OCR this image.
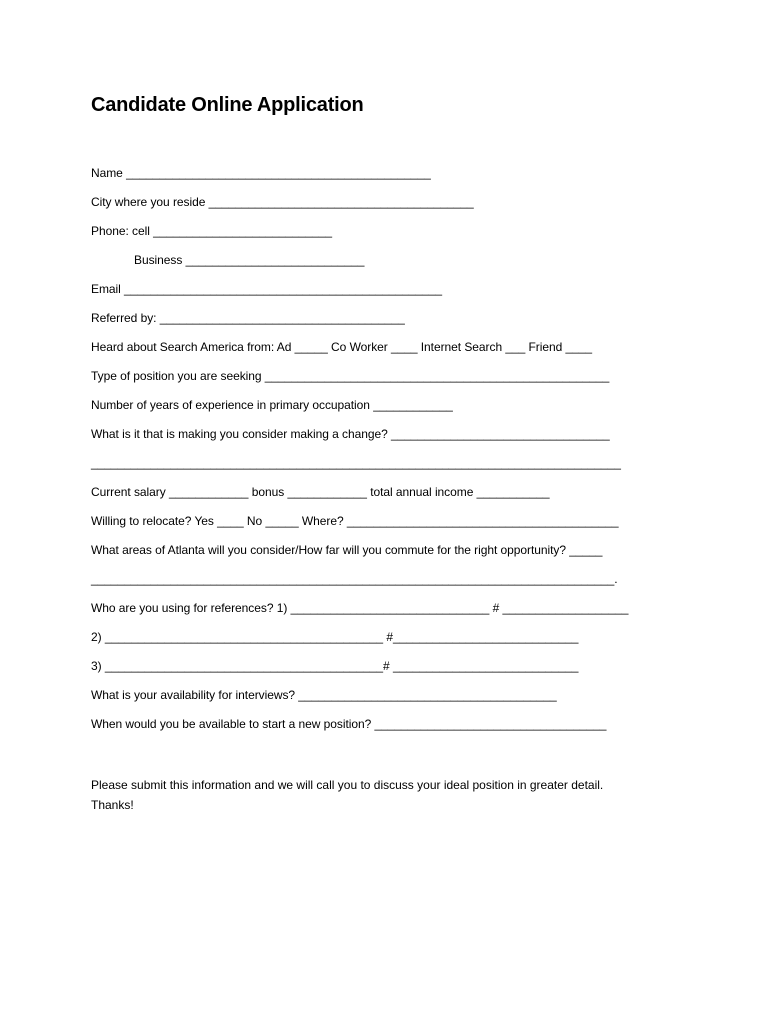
Candidate Online Application
Name ______________________________________________
City where you reside ________________________________________
Phone: cell ___________________________
Business ___________________________
Email ________________________________________________
Referred by: _____________________________________
Heard about Search America from: Ad _____ Co Worker ____ Internet Search ___ Friend ____
Type of position you are seeking ____________________________________________________
Number of years of experience in primary occupation ____________
What is it that is making you consider making a change? _________________________________
________________________________________________________________________________
Current salary ____________ bonus ____________ total annual income ___________
Willing to relocate? Yes ____ No _____ Where? _________________________________________
What areas of Atlanta will you consider/How far will you commute for the right opportunity? _____
_______________________________________________________________________________.
Who are you using for references? 1) ______________________________ # ___________________
2) __________________________________________ #____________________________
3) __________________________________________# ____________________________
What is your availability for interviews? _______________________________________
When would you be available to start a new position? ___________________________________
Please submit this information and we will call you to discuss your ideal position in greater detail.
Thanks!
